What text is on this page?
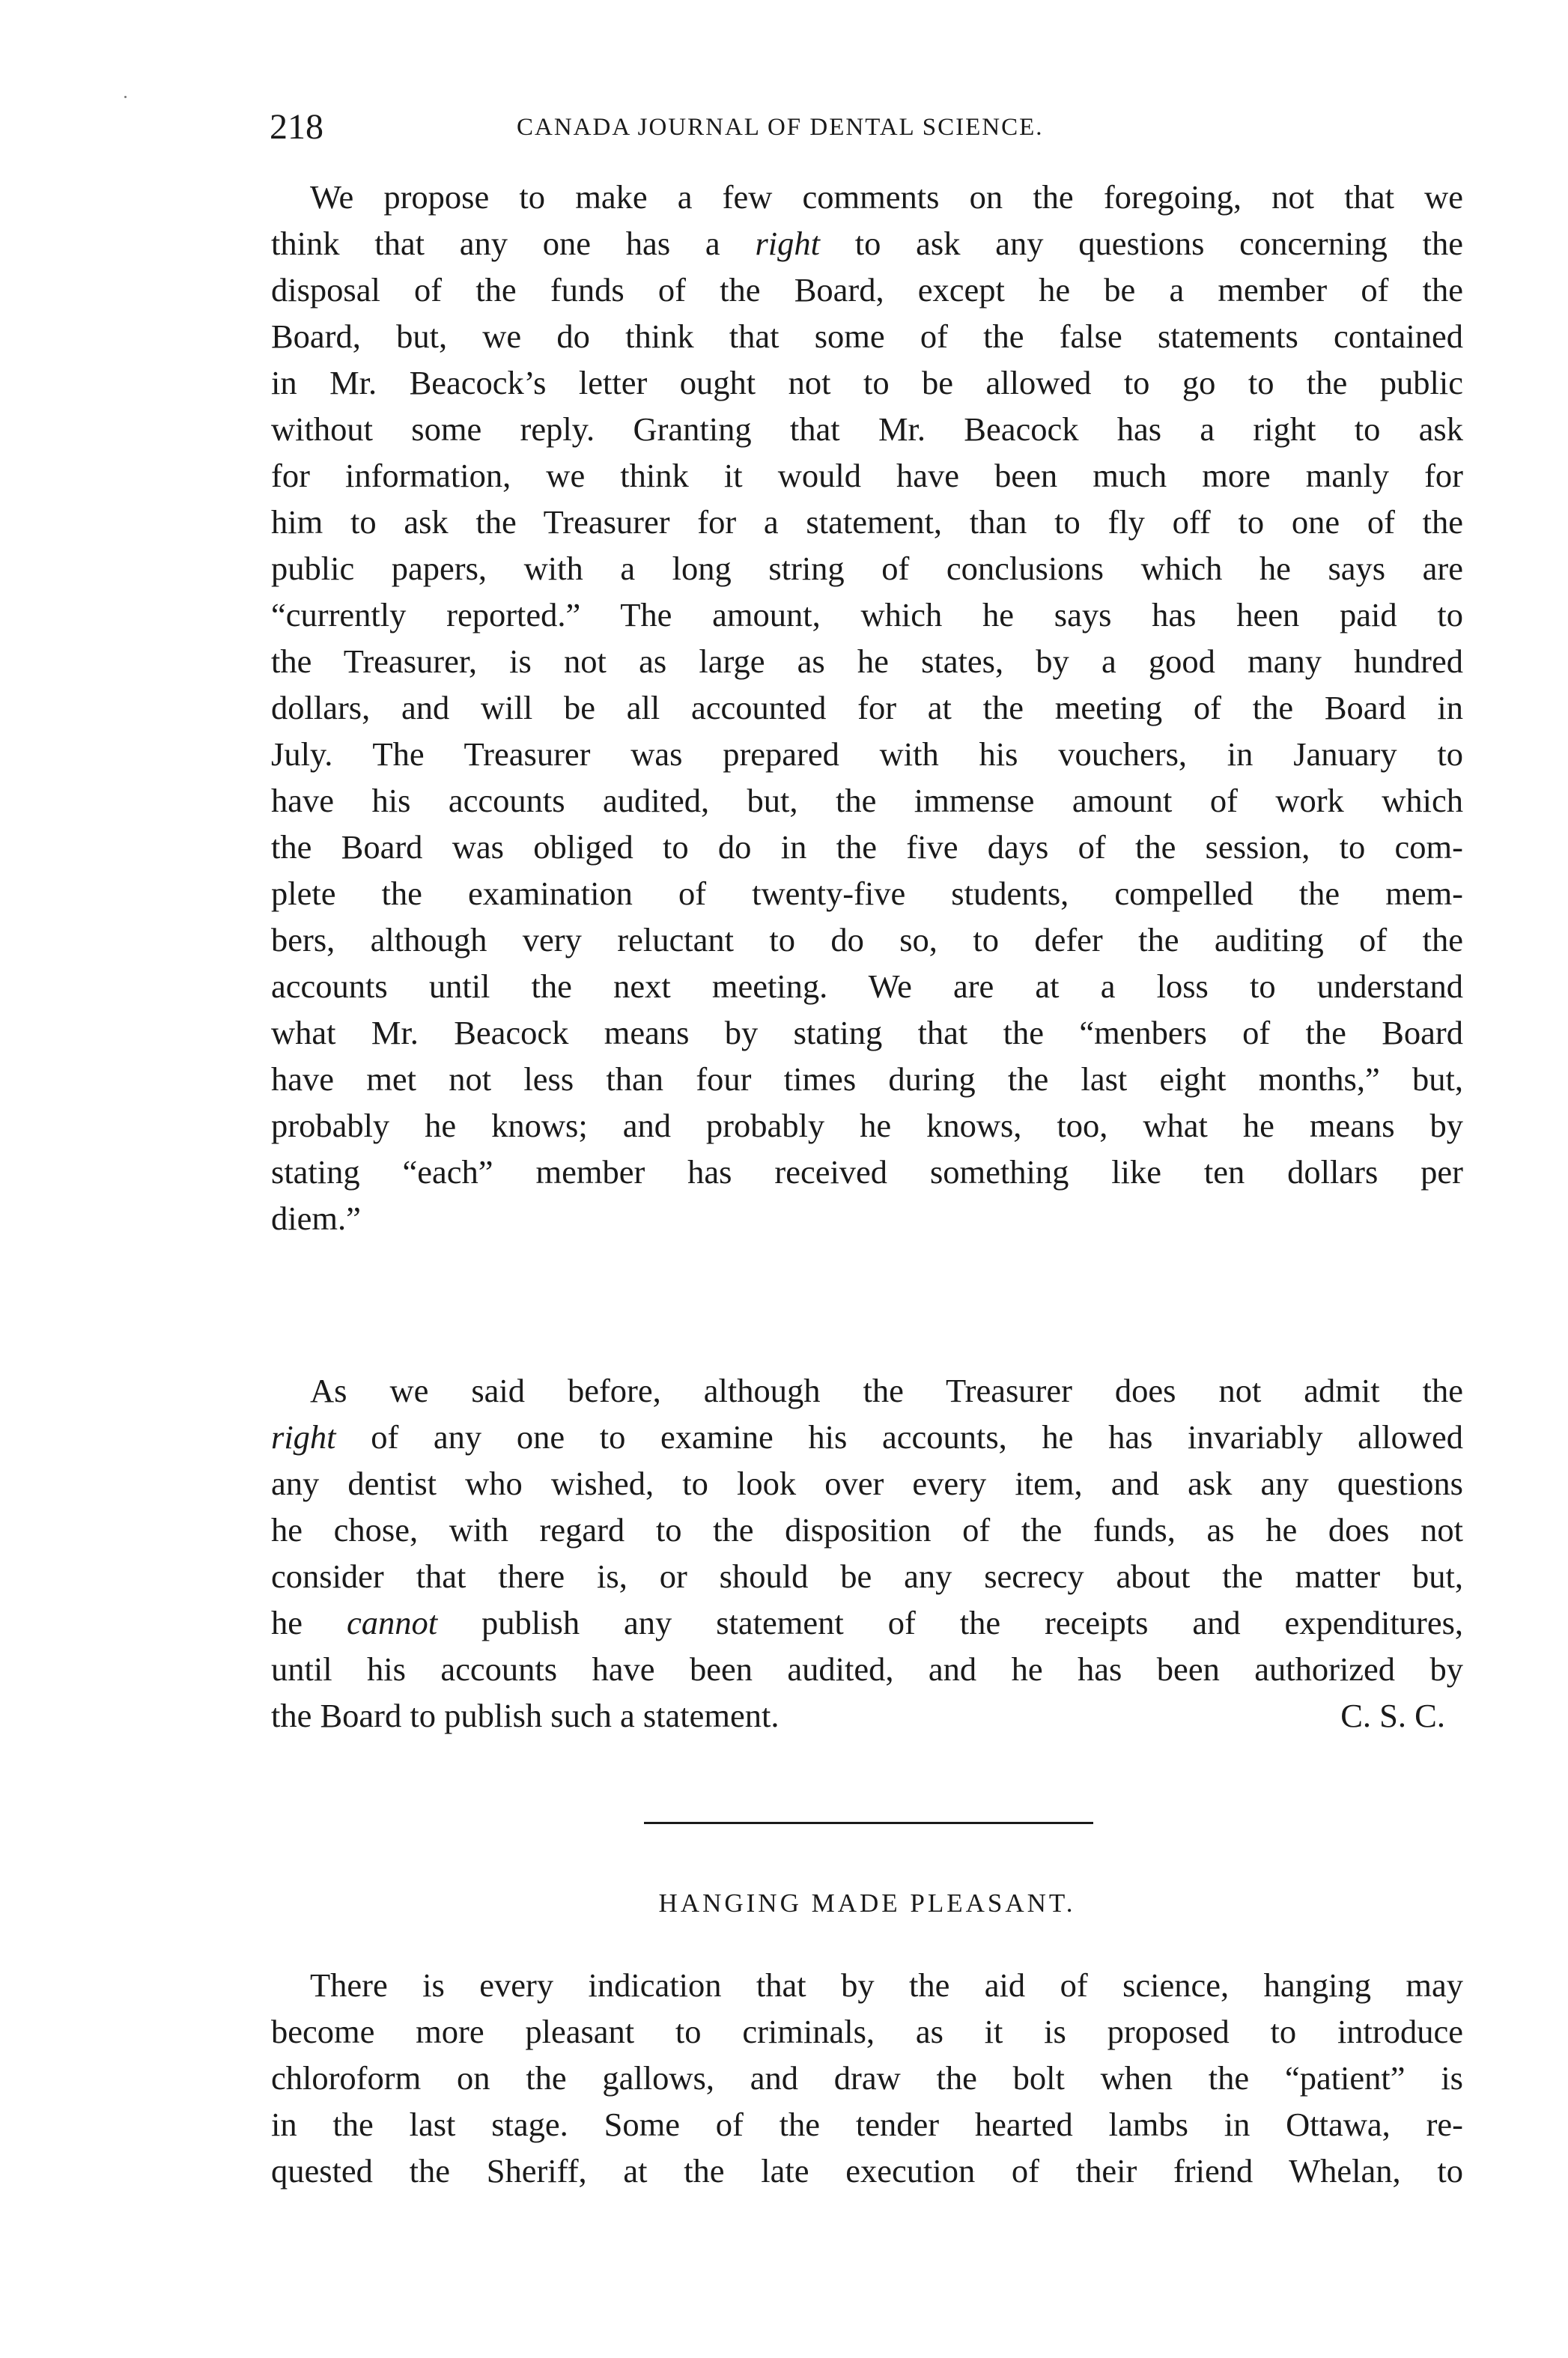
218	CANADA JOURNAL OF DENTAL SCIENCE.
We propose to make a few comments on the foregoing, not that we
think that any one has a right to ask any questions concerning the
disposal of the funds of the Board, except he be a member of the
Board, but, we do think that some of the false statements contained
in Mr. Beacock’s letter ought not to be allowed to go to the public
without some reply. Granting that Mr. Beacock has a right to ask
for information, we think it would have been much more manly for
him to ask the Treasurer for a statement, than to fly off to one of the
public papers, with a long string of conclusions which he says are
“currently reported.” The amount, which he says has heen paid to
the Treasurer, is not as large as he states, by a good many hundred
dollars, and will be all accounted for at the meeting of the Board in
July. The Treasurer was prepared with his vouchers, in January to
have his accounts audited, but, the immense amount of work which
the Board was obliged to do in the five days of the session, to com-
plete the examination of twenty-five students, compelled the mem-
bers, although very reluctant to do so, to defer the auditing of the
accounts until the next meeting. We are at a loss to understand
what Mr. Beacock means by stating that the “menbers of the Board
have met not less than four times during the last eight months,” but,
probably he knows; and probably he knows, too, what he means by
stating “each” member has received something like ten dollars per
diem.”
As we said before, although the Treasurer does not admit the
right of any one to examine his accounts, he has invariably allowed
any dentist who wished, to look over every item, and ask any questions
he chose, with regard to the disposition of the funds, as he does not
consider that there is, or should be any secrecy about the matter but,
he cannot publish any statement of the receipts and expenditures,
until his accounts have been audited, and he has been authorized by
the Board to publish such a statement.	C. S. C.
HANGING MADE PLEASANT.
There is every indication that by the aid of science, hanging may
become more pleasant to criminals, as it is proposed to introduce
chloroform on the gallows, and draw the bolt when the “patient” is
in the last stage. Some of the tender hearted lambs in Ottawa, re-
quested the Sheriff, at the late execution of their friend Whelan, to
